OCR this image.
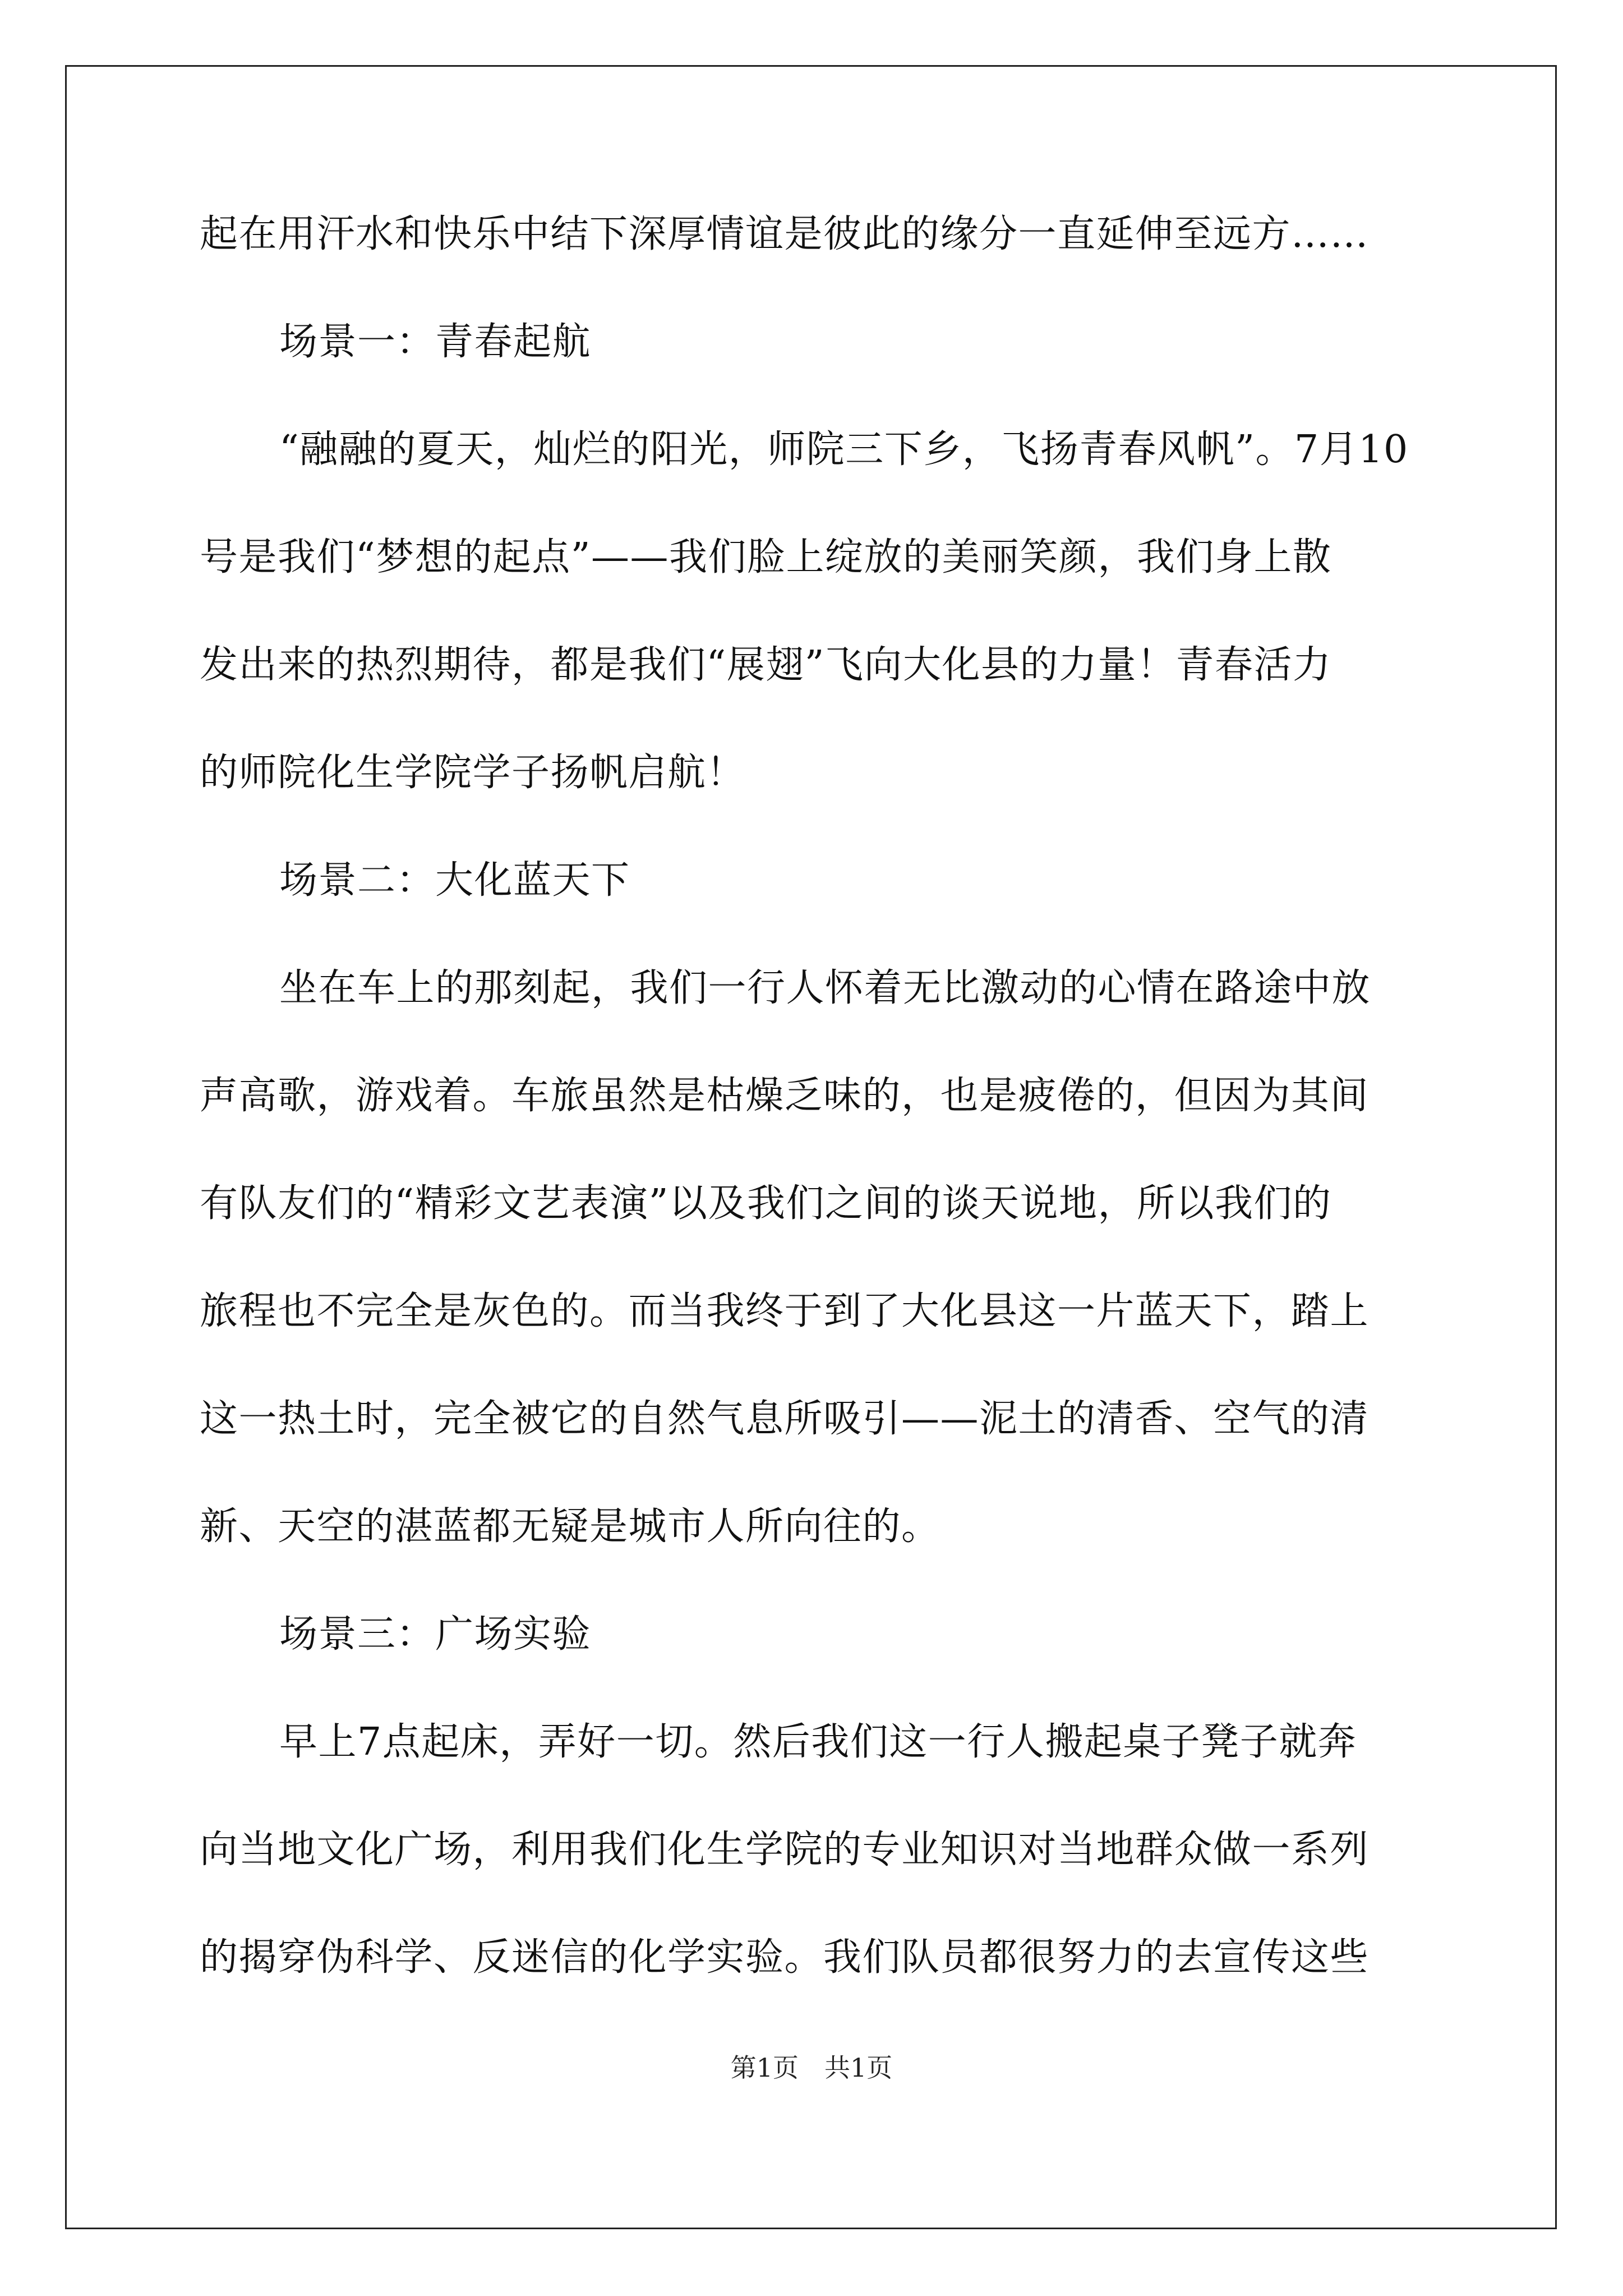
起在用汗水和快乐中结下深厚情谊是彼此的缘分一直延伸至远方……
场景一：青春起航
“融融的夏天，灿烂的阳光，师院三下乡，飞扬青春风帆”。7月10
号是我们“梦想的起点”——我们脸上绽放的美丽笑颜，我们身上散
发出来的热烈期待，都是我们“展翅”飞向大化县的力量！青春活力
的师院化生学院学子扬帆启航！
场景二：大化蓝天下
坐在车上的那刻起，我们一行人怀着无比激动的心情在路途中放
声高歌，游戏着。车旅虽然是枯燥乏味的，也是疲倦的，但因为其间
有队友们的“精彩文艺表演”以及我们之间的谈天说地，所以我们的
旅程也不完全是灰色的。而当我终于到了大化县这一片蓝天下，踏上
这一热土时，完全被它的自然气息所吸引——泥土的清香、空气的清
新、天空的湛蓝都无疑是城市人所向往的。
场景三：广场实验
早上7点起床，弄好一切。然后我们这一行人搬起桌子凳子就奔
向当地文化广场，利用我们化生学院的专业知识对当地群众做一系列
的揭穿伪科学、反迷信的化学实验。我们队员都很努力的去宣传这些
第1页　共1页
